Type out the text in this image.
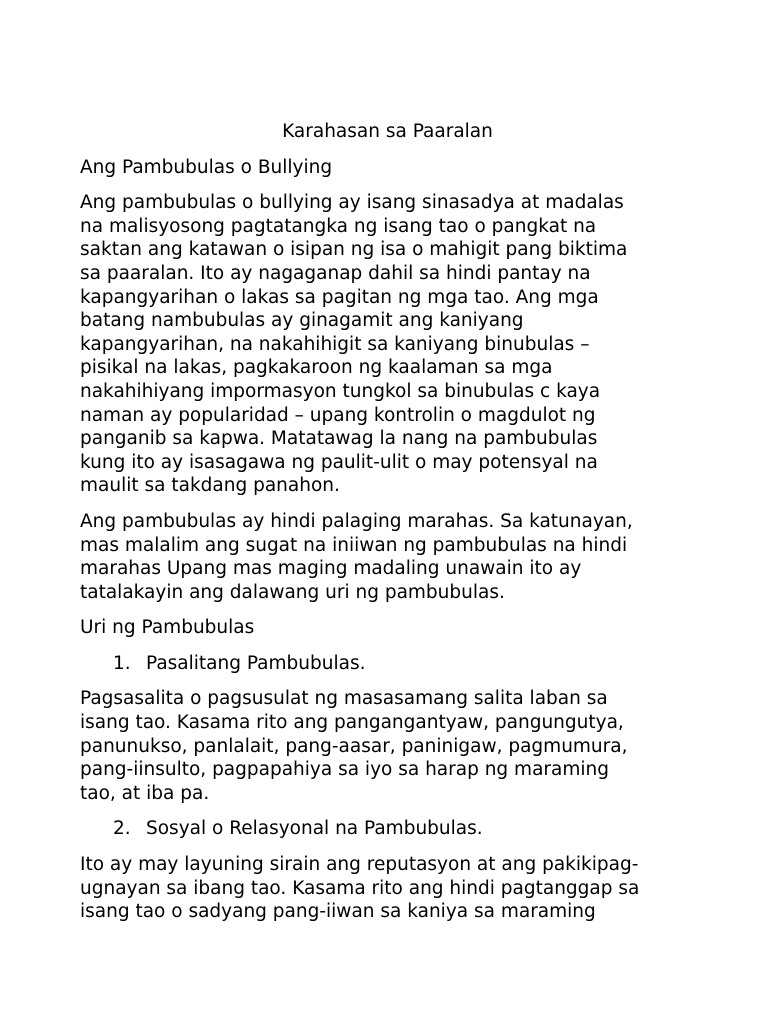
Karahasan sa Paaralan
Ang Pambubulas o Bullying
Ang pambubulas o bullying ay isang sinasadya at madalas
na malisyosong pagtatangka ng isang tao o pangkat na
saktan ang katawan o isipan ng isa o mahigit pang biktima
sa paaralan. Ito ay nagaganap dahil sa hindi pantay na
kapangyarihan o lakas sa pagitan ng mga tao. Ang mga
batang nambubulas ay ginagamit ang kaniyang
kapangyarihan, na nakahihigit sa kaniyang binubulas –
pisikal na lakas, pagkakaroon ng kaalaman sa mga
nakahihiyang impormasyon tungkol sa binubulas c kaya
naman ay popularidad – upang kontrolin o magdulot ng
panganib sa kapwa. Matatawag la nang na pambubulas
kung ito ay isasagawa ng paulit-ulit o may potensyal na
maulit sa takdang panahon.
Ang pambubulas ay hindi palaging marahas. Sa katunayan,
mas malalim ang sugat na iniiwan ng pambubulas na hindi
marahas Upang mas maging madaling unawain ito ay
tatalakayin ang dalawang uri ng pambubulas.
Uri ng Pambubulas
1. Pasalitang Pambubulas.
Pagsasalita o pagsusulat ng masasamang salita laban sa
isang tao. Kasama rito ang pangangantyaw, pangungutya,
panunukso, panlalait, pang-aasar, paninigaw, pagmumura,
pang-iinsulto, pagpapahiya sa iyo sa harap ng maraming
tao, at iba pa.
2. Sosyal o Relasyonal na Pambubulas.
Ito ay may layuning sirain ang reputasyon at ang pakikipag-
ugnayan sa ibang tao. Kasama rito ang hindi pagtanggap sa
isang tao o sadyang pang-iiwan sa kaniya sa maraming
